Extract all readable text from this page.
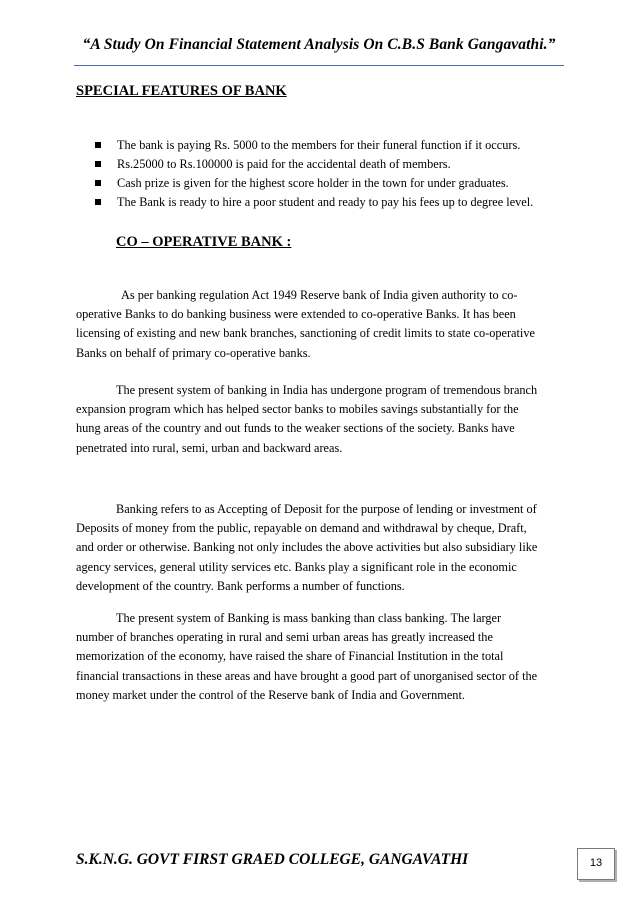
“A Study On Financial Statement Analysis On C.B.S Bank Gangavathi.”
SPECIAL FEATURES OF BANK
The bank is paying Rs. 5000 to the members for their funeral function if it occurs.
Rs.25000 to Rs.100000 is paid for the accidental death of members.
Cash prize is given for the highest score holder in the town for under graduates.
The Bank is ready to hire a poor student and ready to pay his fees up to degree level.
CO – OPERATIVE BANK :

As per banking regulation Act 1949 Reserve bank of India given authority to co-
operative Banks to do banking business were extended to co-operative Banks. It has been
licensing of existing and new bank branches, sanctioning of credit limits to state co-operative
Banks on behalf of primary co-operative banks.

The present system of banking in India has undergone program of tremendous branch
expansion program which has helped sector banks to mobiles savings substantially for the
hung areas of the country and out funds to the weaker sections of the society. Banks have
penetrated into rural, semi, urban and backward areas.

Banking refers to as Accepting of Deposit for the purpose of lending or investment of
Deposits of money from the public, repayable on demand and withdrawal by cheque, Draft,
and order or otherwise. Banking not only includes the above activities but also subsidiary like
agency services, general utility services etc. Banks play a significant role in the economic
development of the country. Bank performs a number of functions.

The present system of Banking is mass banking than class banking. The larger
number of branches operating in rural and semi urban areas has greatly increased the
memorization of the economy, have raised the share of Financial Institution in the total
financial transactions in these areas and have brought a good part of unorganised sector of the
money market under the control of the Reserve bank of India and Government.

S.K.N.G. GOVT FIRST GRAED COLLEGE, GANGAVATHI	13
